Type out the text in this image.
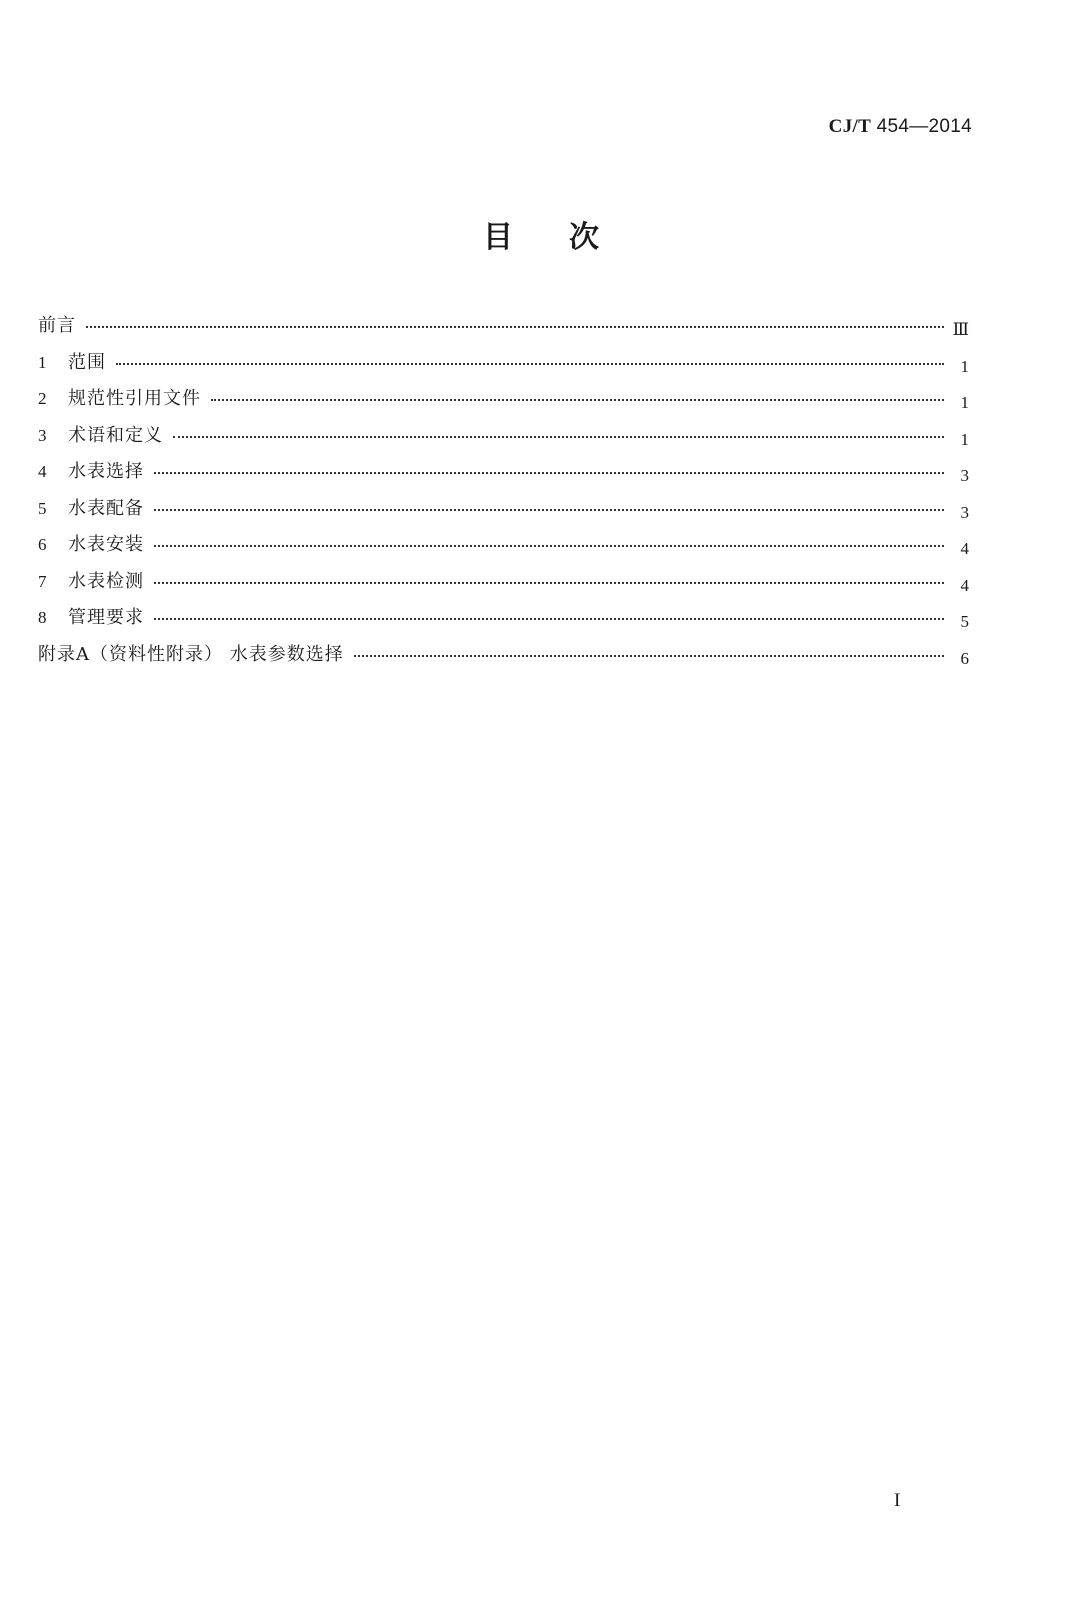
CJ/T 454—2014
目次
前言	Ⅲ
1	范围	1
2	规范性引用文件	1
3	术语和定义	1
4	水表选择	3
5	水表配备	3
6	水表安装	4
7	水表检测	4
8	管理要求	5
附录A（资料性附录） 水表参数选择	6
I
